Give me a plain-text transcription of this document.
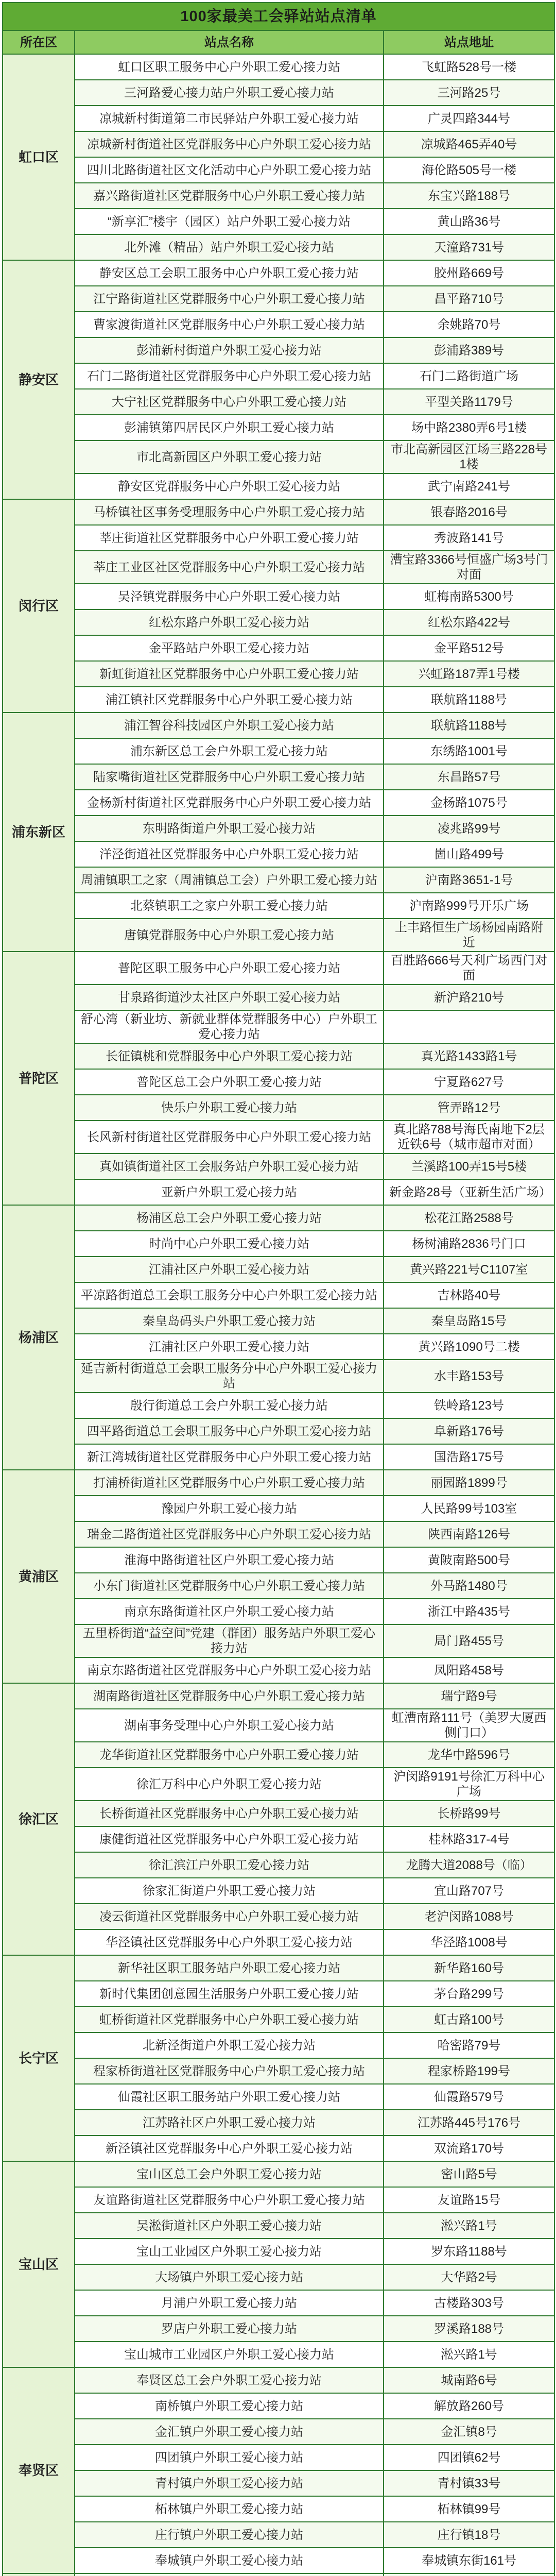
100家最美工会驿站站点清单		
所在区	站点名称	站点地址
虹口区	虹口区职工服务中心户外职工爱心接力站	飞虹路528号一楼
	三河路爱心接力站户外职工爱心接力站	三河路25号
	凉城新村街道第二市民驿站户外职工爱心接力站	广灵四路344号
	凉城新村街道社区党群服务中心户外职工爱心接力站	凉城路465弄40号
	四川北路街道社区文化活动中心户外职工爱心接力站	海伦路505号一楼
	嘉兴路街道社区党群服务中心户外职工爱心接力站	东宝兴路188号
	“新享汇”楼宇（园区）站户外职工爱心接力站	黄山路36号
	北外滩（精品）站户外职工爱心接力站	天潼路731号
静安区	静安区总工会职工服务中心户外职工爱心接力站	胶州路669号
	江宁路街道社区党群服务中心户外职工爱心接力站	昌平路710号
	曹家渡街道社区党群服务中心户外职工爱心接力站	余姚路70号
	彭浦新村街道户外职工爱心接力站	彭浦路389号
	石门二路街道社区党群服务中心户外职工爱心接力站	石门二路街道广场
	大宁社区党群服务中心户外职工爱心接力站	平型关路1179号
	彭浦镇第四居民区户外职工爱心接力站	场中路2380弄6号1楼
	市北高新园区户外职工爱心接力站	市北高新园区江场三路228号1楼
	静安区党群服务中心户外职工爱心接力站	武宁南路241号
闵行区	马桥镇社区事务受理服务中心户外职工爱心接力站	银春路2016号
	莘庄街道社区党群服务中心户外职工爱心接力站	秀波路141号
	莘庄工业区社区党群服务中心户外职工爱心接力站	漕宝路3366号恒盛广场3号门对面
	吴泾镇党群服务中心户外职工爱心接力站	虹梅南路5300号
	红松东路户外职工爱心接力站	红松东路422号
	金平路站户外职工爱心接力站	金平路512号
	新虹街道社区党群服务中心户外职工爱心接力站	兴虹路187弄1号楼
	浦江镇社区党群服务中心户外职工爱心接力站	联航路1188号
浦东新区	浦江智谷科技园区户外职工爱心接力站	联航路1188号
	浦东新区总工会户外职工爱心接力站	东绣路1001号
	陆家嘴街道社区党群服务中心户外职工爱心接力站	东昌路57号
	金杨新村街道社区党群服务中心户外职工爱心接力站	金杨路1075号
	东明路街道户外职工爱心接力站	凌兆路99号
	洋泾街道社区党群服务中心户外职工爱心接力站	崮山路499号
	周浦镇职工之家（周浦镇总工会）户外职工爱心接力站	沪南路3651-1号
	北蔡镇职工之家户外职工爱心接力站	沪南路999号开乐广场
	唐镇党群服务中心户外职工爱心接力站	上丰路恒生广场杨园南路附近
普陀区	普陀区职工服务中心户外职工爱心接力站	百胜路666号天利广场西门对面
	甘泉路街道沙太社区户外职工爱心接力站	新沪路210号
	舒心湾（新业坊、新就业群体党群服务中心）户外职工爱心接力站	
	长征镇桃和党群服务中心户外职工爱心接力站	真光路1433路1号
	普陀区总工会户外职工爱心接力站	宁夏路627号
	快乐户外职工爱心接力站	管弄路12号
	长风新村街道社区党群服务中心户外职工爱心接力站	真北路788号海氏南地下2层近铁6号（城市超市对面）
	真如镇街道社区工会服务站户外职工爱心接力站	兰溪路100弄15号5楼
	亚新户外职工爱心接力站	新金路28号（亚新生活广场）
杨浦区	杨浦区总工会户外职工爱心接力站	松花江路2588号
	时尚中心户外职工爱心接力站	杨树浦路2836号门口
	江浦社区户外职工爱心接力站	黄兴路221号C1107室
	平凉路街道总工会职工服务分中心户外职工爱心接力站	吉林路40号
	秦皇岛码头户外职工爱心接力站	秦皇岛路15号
	江浦社区户外职工爱心接力站	黄兴路1090号二楼
	延吉新村街道总工会职工服务分中心户外职工爱心接力站	水丰路153号
	殷行街道总工会户外职工爱心接力站	铁岭路123号
	四平路街道总工会职工服务中心户外职工爱心接力站	阜新路176号
	新江湾城街道社区党群服务中心户外职工爱心接力站	国浩路175号
黄浦区	打浦桥街道社区党群服务中心户外职工爱心接力站	丽园路1899号
	豫园户外职工爱心接力站	人民路99号103室
	瑞金二路街道社区党群服务中心户外职工爱心接力站	陕西南路126号
	淮海中路街道社区户外职工爱心接力站	黄陂南路500号
	小东门街道社区党群服务中心户外职工爱心接力站	外马路1480号
	南京东路街道社区户外职工爱心接力站	浙江中路435号
	五里桥街道“益空间”党建（群团）服务站户外职工爱心接力站	局门路455号
	南京东路街道社区党群服务中心户外职工爱心接力站	凤阳路458号
徐汇区	湖南路街道社区党群服务中心户外职工爱心接力站	瑞宁路9号
	湖南事务受理中心户外职工爱心接力站	虹漕南路111号（美罗大厦西侧门口）
	龙华街道社区党群服务中心户外职工爱心接力站	龙华中路596号
	徐汇万科中心户外职工爱心接力站	沪闵路9191号徐汇万科中心广场
	长桥街道社区党群服务中心户外职工爱心接力站	长桥路99号
	康健街道社区党群服务中心户外职工爱心接力站	桂林路317-4号
	徐汇滨江户外职工爱心接力站	龙腾大道2088号（临）
	徐家汇街道户外职工爱心接力站	宜山路707号
	凌云街道社区党群服务中心户外职工爱心接力站	老沪闵路1088号
	华泾镇社区党群服务中心户外职工爱心接力站	华泾路1008号
长宁区	新华社区职工服务站户外职工爱心接力站	新华路160号
	新时代集团创意园生活服务户外职工爱心接力站	茅台路299号
	虹桥街道社区党群服务中心户外职工爱心接力站	虹古路100号
	北新泾街道户外职工爱心接力站	哈密路79号
	程家桥街道社区党群服务中心户外职工爱心接力站	程家桥路199号
	仙霞社区职工服务站户外职工爱心接力站	仙霞路579号
	江苏路社区户外职工爱心接力站	江苏路445号176号
	新泾镇社区党群服务中心户外职工爱心接力站	双流路170号
宝山区	宝山区总工会户外职工爱心接力站	密山路5号
	友谊路街道社区党群服务中心户外职工爱心接力站	友谊路15号
	吴淞街道社区户外职工爱心接力站	淞兴路1号
	宝山工业园区户外职工爱心接力站	罗东路1188号
	大场镇户外职工爱心接力站	大华路2号
	月浦户外职工爱心接力站	古楼路303号
	罗店户外职工爱心接力站	罗溪路188号
	宝山城市工业园区户外职工爱心接力站	淞兴路1号
奉贤区	奉贤区总工会户外职工爱心接力站	城南路6号
	南桥镇户外职工爱心接力站	解放路260号
	金汇镇户外职工爱心接力站	金汇镇8号
	四团镇户外职工爱心接力站	四团镇62号
	青村镇户外职工爱心接力站	青村镇33号
	柘林镇户外职工爱心接力站	柘林镇99号
	庄行镇户外职工爱心接力站	庄行镇18号
	奉城镇户外职工爱心接力站	奉城镇东街161号
